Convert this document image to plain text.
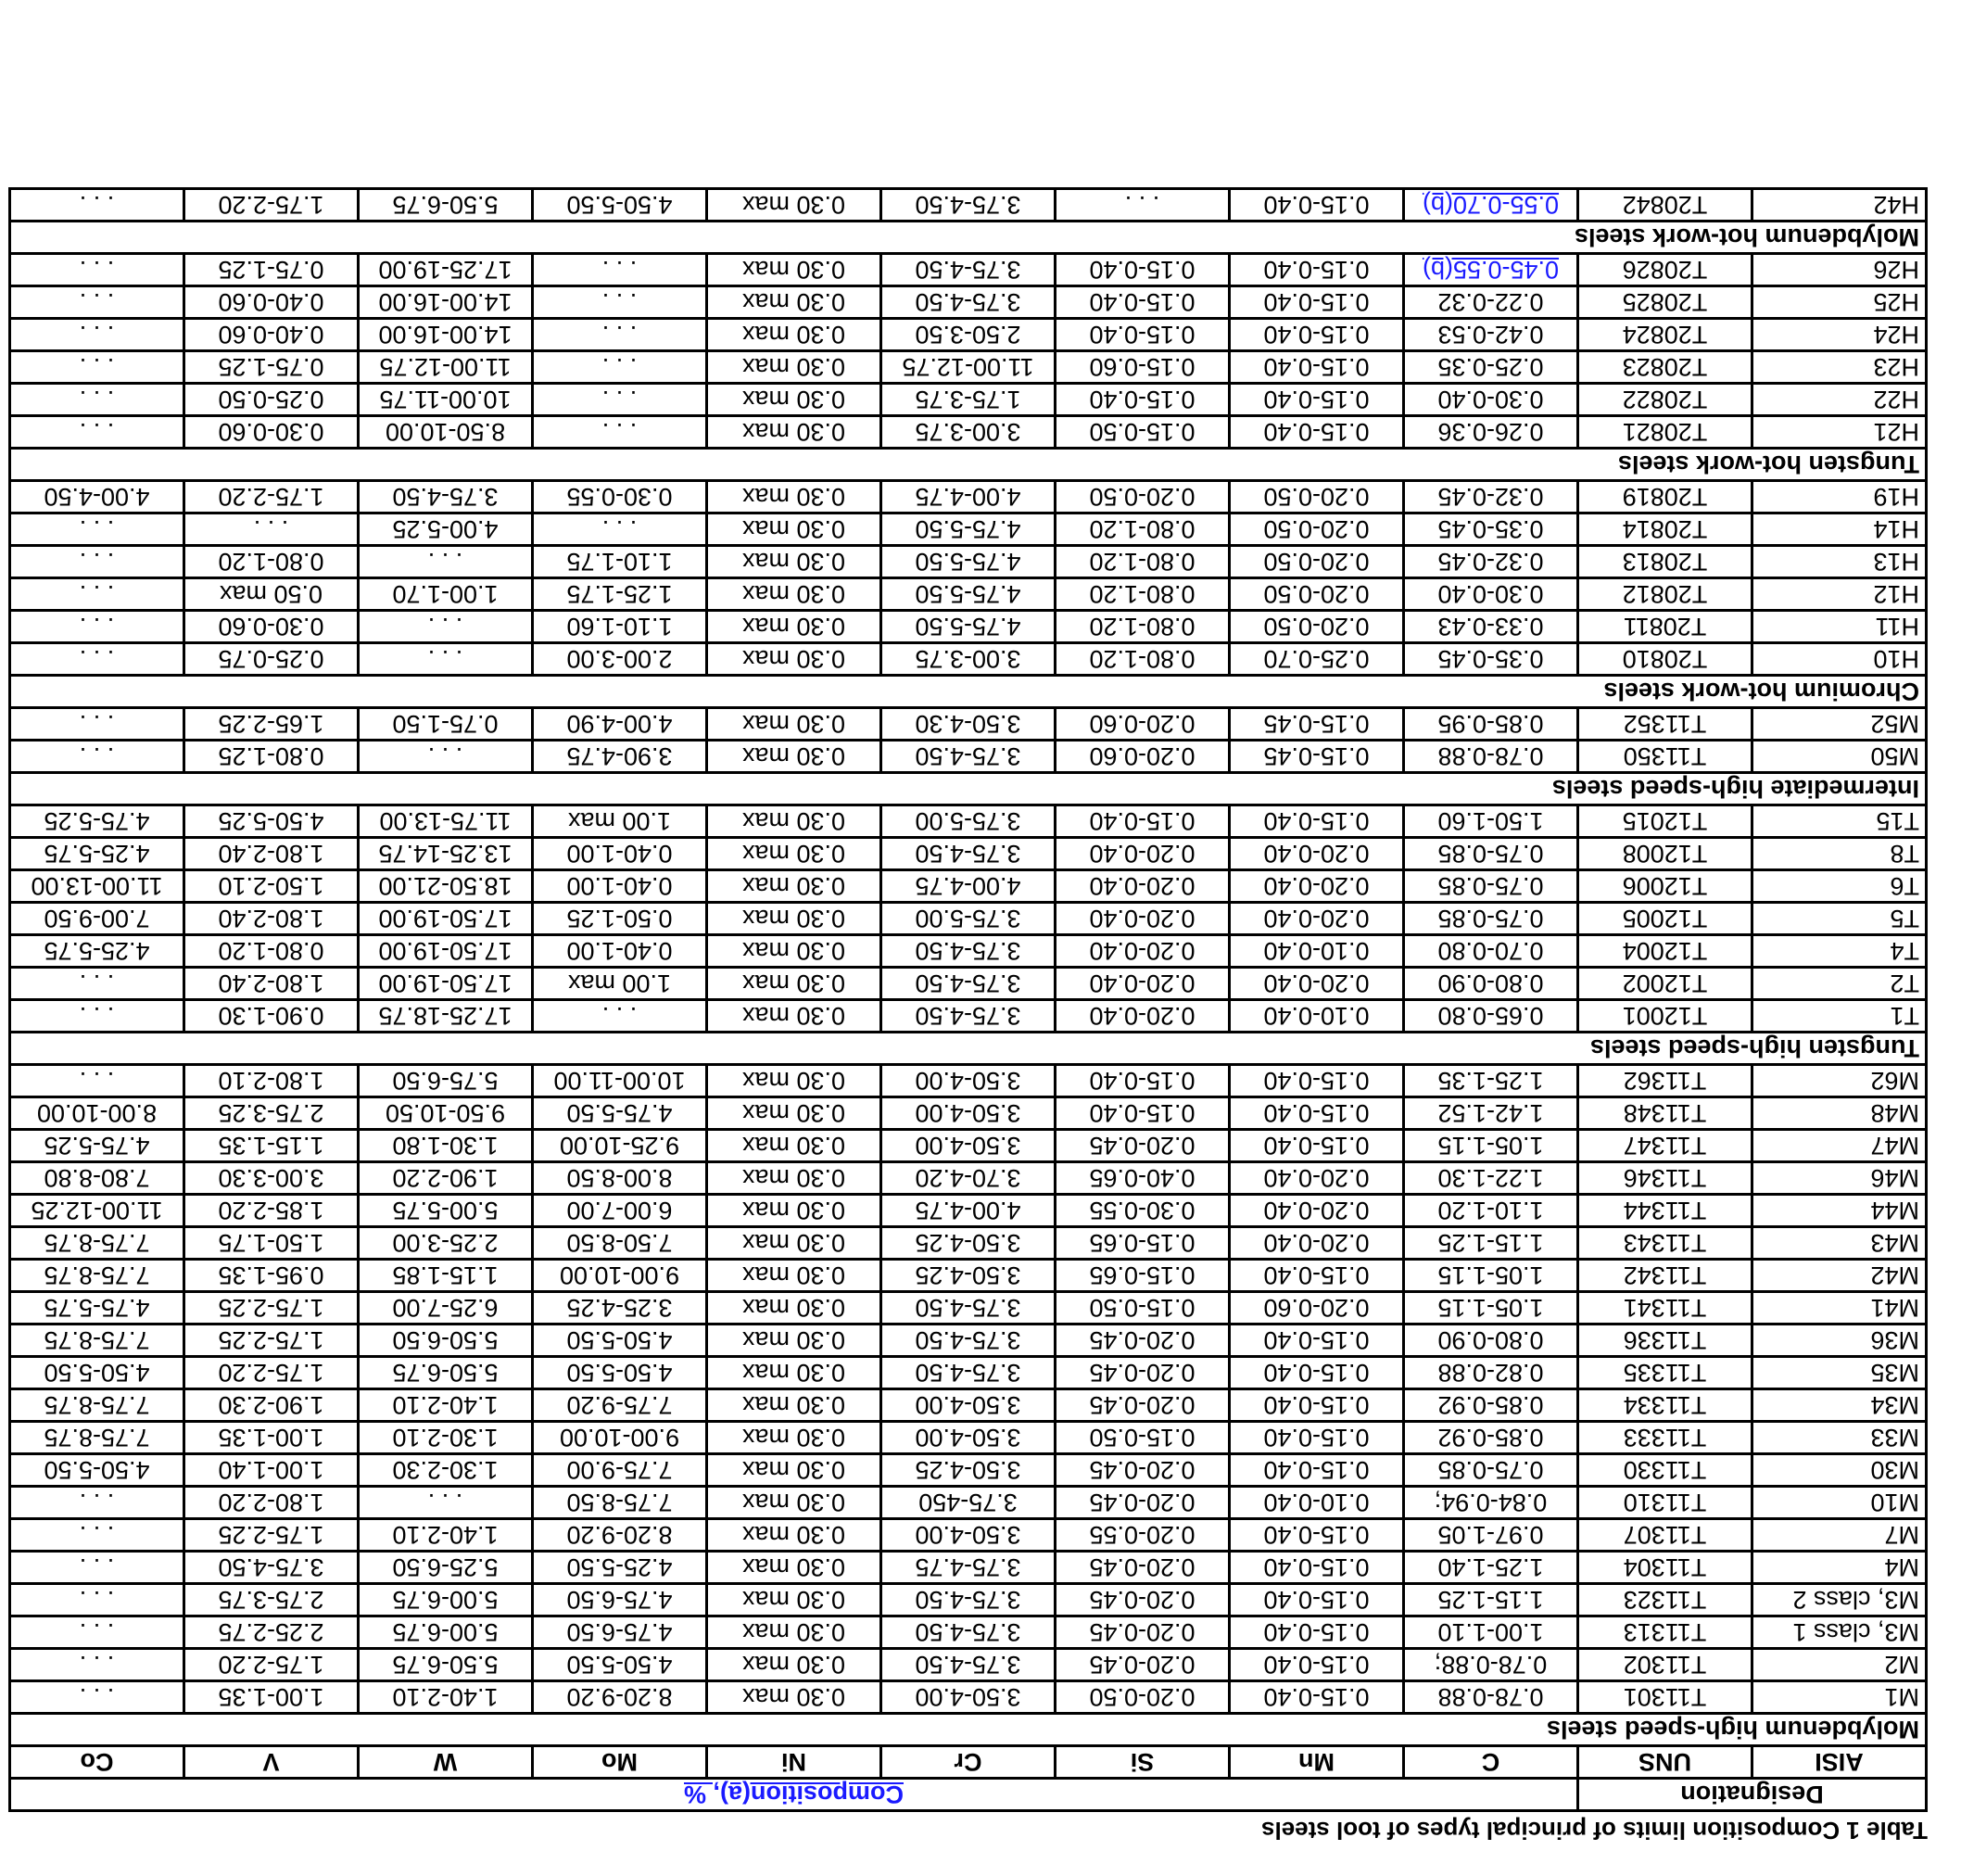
Table 1 Composition limits of principal types of tool steels
Designation		Composition(a), %								
AISI	UNS	C	Mn	Si	Cr	Ni	Mo	W	V	Co
Molybdenum high-speed steels										
M1	T11301	0.78-0.88	0.15-0.40	0.20-0.50	3.50-4.00	0.30 max	8.20-9.20	1.40-2.10	1.00-1.35	. . .
M2	T11302	0.78-0.88;	0.15-0.40	0.20-0.45	3.75-4.50	0.30 max	4.50-5.50	5.50-6.75	1.75-2.20	. . .
M3, class 1	T11313	1.00-1.10	0.15-0.40	0.20-0.45	3.75-4.50	0.30 max	4.75-6.50	5.00-6.75	2.25-2.75	. . .
M3, class 2	T11323	1.15-1.25	0.15-0.40	0.20-0.45	3.75-4.50	0.30 max	4.75-6.50	5.00-6.75	2.75-3.75	. . .
M4	T11304	1.25-1.40	0.15-0.40	0.20-0.45	3.75-4.75	0.30 max	4.25-5.50	5.25-6.50	3.75-4.50	. . .
M7	T11307	0.97-1.05	0.15-0.40	0.20-0.55	3.50-4.00	0.30 max	8.20-9.20	1.40-2.10	1.75-2.25	. . .
M10	T11310	0.84-0.94;	0.10-0.40	0.20-0.45	3.75-450	0.30 max	7.75-8.50	. . .	1.80-2.20	. . .
M30	T11330	0.75-0.85	0.15-0.40	0.20-0.45	3.50-4.25	0.30 max	7.75-9.00	1.30-2.30	1.00-1.40	4.50-5.50
M33	T11333	0.85-0.92	0.15-0.40	0.15-0.50	3.50-4.00	0.30 max	9.00-10.00	1.30-2.10	1.00-1.35	7.75-8.75
M34	T11334	0.85-0.92	0.15-0.40	0.20-0.45	3.50-4.00	0.30 max	7.75-9.20	1.40-2.10	1.90-2.30	7.75-8.75
M35	T11335	0.82-0.88	0.15-0.40	0.20-0.45	3.75-4.50	0.30 max	4.50-5.50	5.50-6.75	1.75-2.20	4.50-5.50
M36	T11336	0.80-0.90	0.15-0.40	0.20-0.45	3.75-4.50	0.30 max	4.50-5.50	5.50-6.50	1.75-2.25	7.75-8.75
M41	T11341	1.05-1.15	0.20-0.60	0.15-0.50	3.75-4.50	0.30 max	3.25-4.25	6.25-7.00	1.75-2.25	4.75-5.75
M42	T11342	1.05-1.15	0.15-0.40	0.15-0.65	3.50-4.25	0.30 max	9.00-10.00	1.15-1.85	0.95-1.35	7.75-8.75
M43	T11343	1.15-1.25	0.20-0.40	0.15-0.65	3.50-4.25	0.30 max	7.50-8.50	2.25-3.00	1.50-1.75	7.75-8.75
M44	T11344	1.10-1.20	0.20-0.40	0.30-0.55	4.00-4.75	0.30 max	6.00-7.00	5.00-5.75	1.85-2.20	11.00-12.25
M46	T11346	1.22-1.30	0.20-0.40	0.40-0.65	3.70-4.20	0.30 max	8.00-8.50	1.90-2.20	3.00-3.30	7.80-8.80
M47	T11347	1.05-1.15	0.15-0.40	0.20-0.45	3.50-4.00	0.30 max	9.25-10.00	1.30-1.80	1.15-1.35	4.75-5.25
M48	T11348	1.42-1.52	0.15-0.40	0.15-0.40	3.50-4.00	0.30 max	4.75-5.50	9.50-10.50	2.75-3.25	8.00-10.00
M62	T11362	1.25-1.35	0.15-0.40	0.15-0.40	3.50-4.00	0.30 max	10.00-11.00	5.75-6.50	1.80-2.10	. . .
Tungsten high-speed steels										
T1	T12001	0.65-0.80	0.10-0.40	0.20-0.40	3.75-4.50	0.30 max	. . .	17.25-18.75	0.90-1.30	. . .
T2	T12002	0.80-0.90	0.20-0.40	0.20-0.40	3.75-4.50	0.30 max	1.00 max	17.50-19.00	1.80-2.40	. . .
T4	T12004	0.70-0.80	0.10-0.40	0.20-0.40	3.75-4.50	0.30 max	0.40-1.00	17.50-19.00	0.80-1.20	4.25-5.75
T5	T12005	0.75-0.85	0.20-0.40	0.20-0.40	3.75-5.00	0.30 max	0.50-1.25	17.50-19.00	1.80-2.40	7.00-9.50
T6	T12006	0.75-0.85	0.20-0.40	0.20-0.40	4.00-4.75	0.30 max	0.40-1.00	18.50-21.00	1.50-2.10	11.00-13.00
T8	T12008	0.75-0.85	0.20-0.40	0.20-0.40	3.75-4.50	0.30 max	0.40-1.00	13.25-14.75	1.80-2.40	4.25-5.75
T15	T12015	1.50-1.60	0.15-0.40	0.15-0.40	3.75-5.00	0.30 max	1.00 max	11.75-13.00	4.50-5.25	4.75-5.25
Intermediate high-speed steels										
M50	T11350	0.78-0.88	0.15-0.45	0.20-0.60	3.75-4.50	0.30 max	3.90-4.75	. . .	0.80-1.25	. . .
M52	T11352	0.85-0.95	0.15-0.45	0.20-0.60	3.50-4.30	0.30 max	4.00-4.90	0.75-1.50	1.65-2.25	. . .
Chromium hot-work steels										
H10	T20810	0.35-0.45	0.25-0.70	0.80-1.20	3.00-3.75	0.30 max	2.00-3.00	. . .	0.25-0.75	. . .
H11	T20811	0.33-0.43	0.20-0.50	0.80-1.20	4.75-5.50	0.30 max	1.10-1.60	. . .	0.30-0.60	. . .
H12	T20812	0.30-0.40	0.20-0.50	0.80-1.20	4.75-5.50	0.30 max	1.25-1.75	1.00-1.70	0.50 max	. . .
H13	T20813	0.32-0.45	0.20-0.50	0.80-1.20	4.75-5.50	0.30 max	1.10-1.75	. . .	0.80-1.20	. . .
H14	T20814	0.35-0.45	0.20-0.50	0.80-1.20	4.75-5.50	0.30 max	. . .	4.00-5.25	. . .	. . .
H19	T20819	0.32-0.45	0.20-0.50	0.20-0.50	4.00-4.75	0.30 max	0.30-0.55	3.75-4.50	1.75-2.20	4.00-4.50
Tungsten hot-work steels										
H21	T20821	0.26-0.36	0.15-0.40	0.15-0.50	3.00-3.75	0.30 max	. . .	8.50-10.00	0.30-0.60	. . .
H22	T20822	0.30-0.40	0.15-0.40	0.15-0.40	1.75-3.75	0.30 max	. . .	10.00-11.75	0.25-0.50	. . .
H23	T20823	0.25-0.35	0.15-0.40	0.15-0.60	11.00-12.75	0.30 max	. . .	11.00-12.75	0.75-1.25	. . .
H24	T20824	0.42-0.53	0.15-0.40	0.15-0.40	2.50-3.50	0.30 max	. . .	14.00-16.00	0.40-0.60	. . .
H25	T20825	0.22-0.32	0.15-0.40	0.15-0.40	3.75-4.50	0.30 max	. . .	14.00-16.00	0.40-0.60	. . .
H26	T20826	0.45-0.55(b)	0.15-0.40	0.15-0.40	3.75-4.50	0.30 max	. . .	17.25-19.00	0.75-1.25	. . .
Molybdenum hot-work steels										
H42	T20842	0.55-0.70(b)	0.15-0.40	. . .	3.75-4.50	0.30 max	4.50-5.50	5.50-6.75	1.75-2.20	. . .
